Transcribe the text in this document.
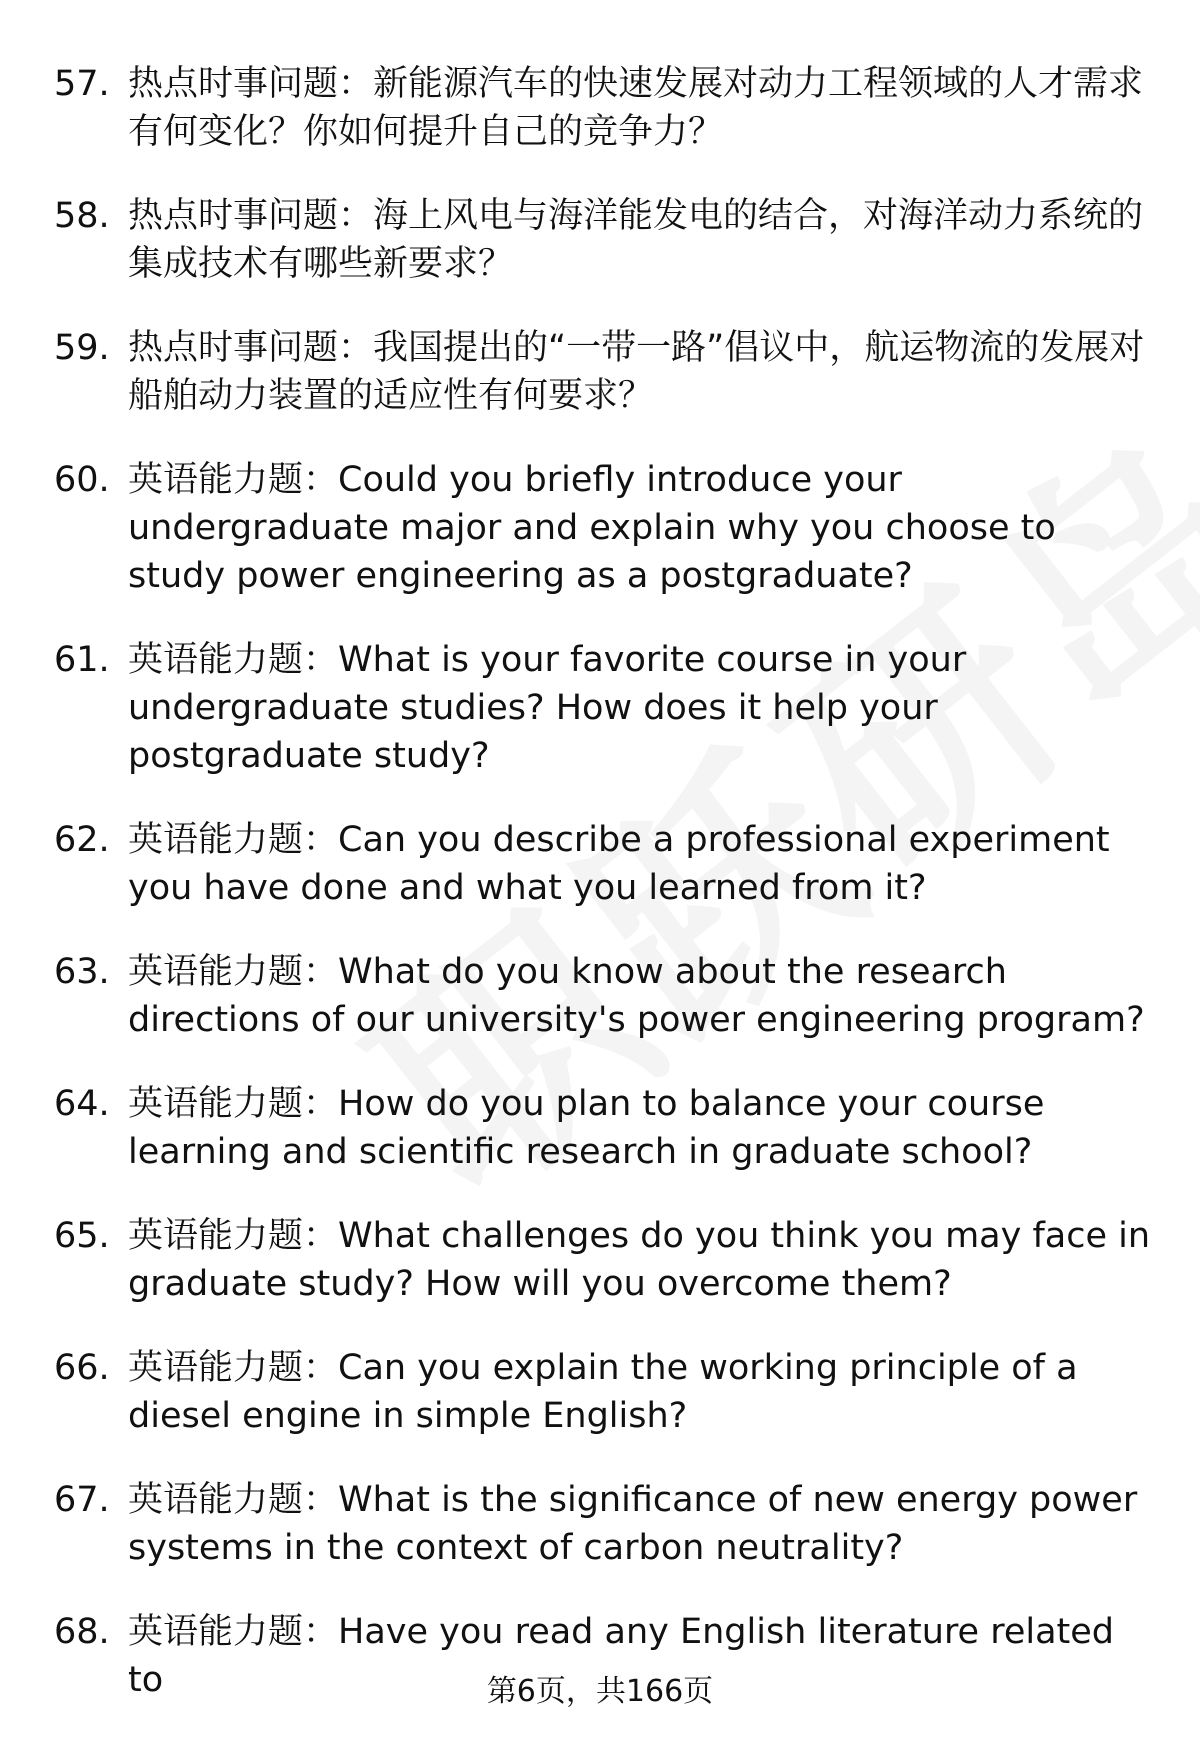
57. 热点时事问题：新能源汽车的快速发展对动力工程领域的人才需求有何变化？你如何提升自己的竞争力？
58. 热点时事问题：海上风电与海洋能发电的结合，对海洋动力系统的集成技术有哪些新要求？
59. 热点时事问题：我国提出的“一带一路”倡议中，航运物流的发展对船舶动力装置的适应性有何要求？
60. 英语能力题：Could you briefly introduce your undergraduate major and explain why you choose to study power engineering as a postgraduate?
61. 英语能力题：What is your favorite course in your undergraduate studies? How does it help your postgraduate study?
62. 英语能力题：Can you describe a professional experiment you have done and what you learned from it?
63. 英语能力题：What do you know about the research directions of our university's power engineering program?
64. 英语能力题：How do you plan to balance your course learning and scientific research in graduate school?
65. 英语能力题：What challenges do you think you may face in graduate study? How will you overcome them?
66. 英语能力题：Can you explain the working principle of a diesel engine in simple English?
67. 英语能力题：What is the significance of new energy power systems in the context of carbon neutrality?
68. 英语能力题：Have you read any English literature related to	第6页，共166页
